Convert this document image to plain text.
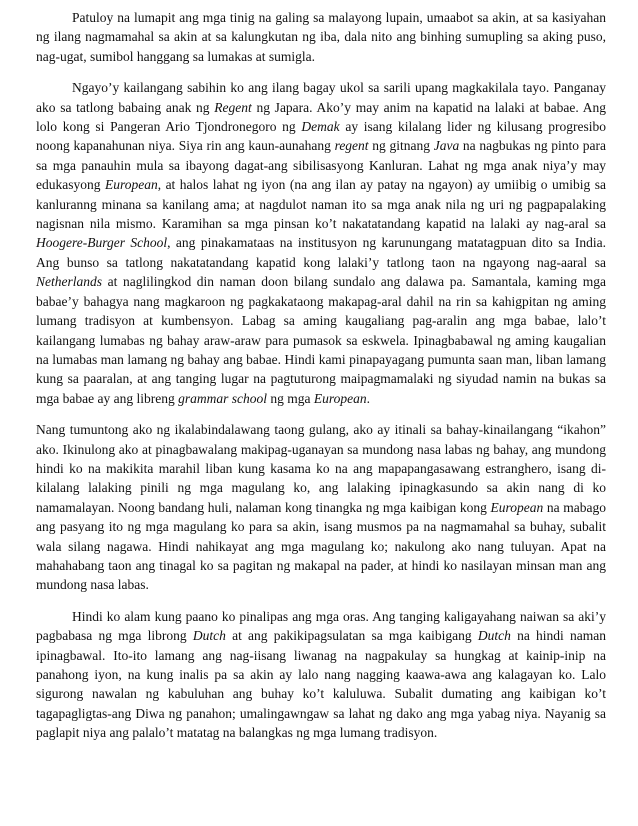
Patuloy na lumapit ang mga tinig na galing sa malayong lupain, umaabot sa akin, at sa kasiyahan ng ilang nagmamahal sa akin at sa kalungkutan ng iba, dala nito ang binhing sumupling sa aking puso, nag-ugat, sumibol hanggang sa lumakas at sumigla.

Ngayo’y kailangang sabihin ko ang ilang bagay ukol sa sarili upang magkakilala tayo. Panganay ako sa tatlong babaing anak ng Regent ng Japara. Ako’y may anim na kapatid na lalaki at babae. Ang lolo kong si Pangeran Ario Tjondronegoro ng Demak ay isang kilalang lider ng kilusang progresibo noong kapanahunan niya. Siya rin ang kaun-aunahang regent ng gitnang Java na nagbukas ng pinto para sa mga panauhin mula sa ibayong dagat-ang sibilisasyong Kanluran. Lahat ng mga anak niya’y may edukasyong European, at halos lahat ng iyon (na ang ilan ay patay na ngayon) ay umiibig o umibig sa kanluranng minana sa kanilang ama; at nagdulot naman ito sa mga anak nila ng uri ng pagpapalaking nagisnan nila mismo. Karamihan sa mga pinsan ko’t nakatatandang kapatid na lalaki ay nag-aral sa Hoogere-Burger School, ang pinakamataas na institusyon ng karunungang matatagpuan dito sa India. Ang bunso sa tatlong nakatatandang kapatid kong lalaki’y tatlong taon na ngayong nag-aaral sa Netherlands at naglilingkod din naman doon bilang sundalo ang dalawa pa. Samantala, kaming mga babae’y bahagya nang magkaroon ng pagkakataong makapag-aral dahil na rin sa kahigpitan ng aming lumang tradisyon at kumbensyon. Labag sa aming kaugaliang pag-aralin ang mga babae, lalo’t kailangang lumabas ng bahay araw-araw para pumasok sa eskwela. Ipinagbabawal ng aming kaugalian na lumabas man lamang ng bahay ang babae. Hindi kami pinapayagang pumunta saan man, liban lamang kung sa paaralan, at ang tanging lugar na pagtuturong maipagmamalaki ng siyudad namin na bukas sa mga babae ay ang libreng grammar school ng mga European.

Nang tumuntong ako ng ikalabindalawang taong gulang, ako ay itinali sa bahay-kinailangang “ikahon” ako. Ikinulong ako at pinagbawalang makipag-uganayan sa mundong nasa labas ng bahay, ang mundong hindi ko na makikita marahil liban kung kasama ko na ang mapapangasawang estranghero, isang di-kilalang lalaking pinili ng mga magulang ko, ang lalaking ipinagkasundo sa akin nang di ko namamalayan. Noong bandang huli, nalaman kong tinangka ng mga kaibigan kong European na mabago ang pasyang ito ng mga magulang ko para sa akin, isang musmos pa na nagmamahal sa buhay, subalit wala silang nagawa. Hindi nahikayat ang mga magulang ko; nakulong ako nang tuluyan. Apat na mahahabang taon ang tinagal ko sa pagitan ng makapal na pader, at hindi ko nasilayan minsan man ang mundong nasa labas.

Hindi ko alam kung paano ko pinalipas ang mga oras. Ang tanging kaligayahang naiwan sa aki’y pagbabasa ng mga librong Dutch at ang pakikipagsulatan sa mga kaibigang Dutch na hindi naman ipinagbawal. Ito-ito lamang ang nag-iisang liwanag na nagpakulay sa hungkag at kainip-inip na panahong iyon, na kung inalis pa sa akin ay lalo nang nagging kaawa-awa ang kalagayan ko. Lalo sigurong nawalan ng kabuluhan ang buhay ko’t kaluluwa. Subalit dumating ang kaibigan ko’t tagapagligtas-ang Diwa ng panahon; umalingawngaw sa lahat ng dako ang mga yabag niya. Nayanig sa paglapit niya ang palalo’t matatag na balangkas ng mga lumang tradisyon.
